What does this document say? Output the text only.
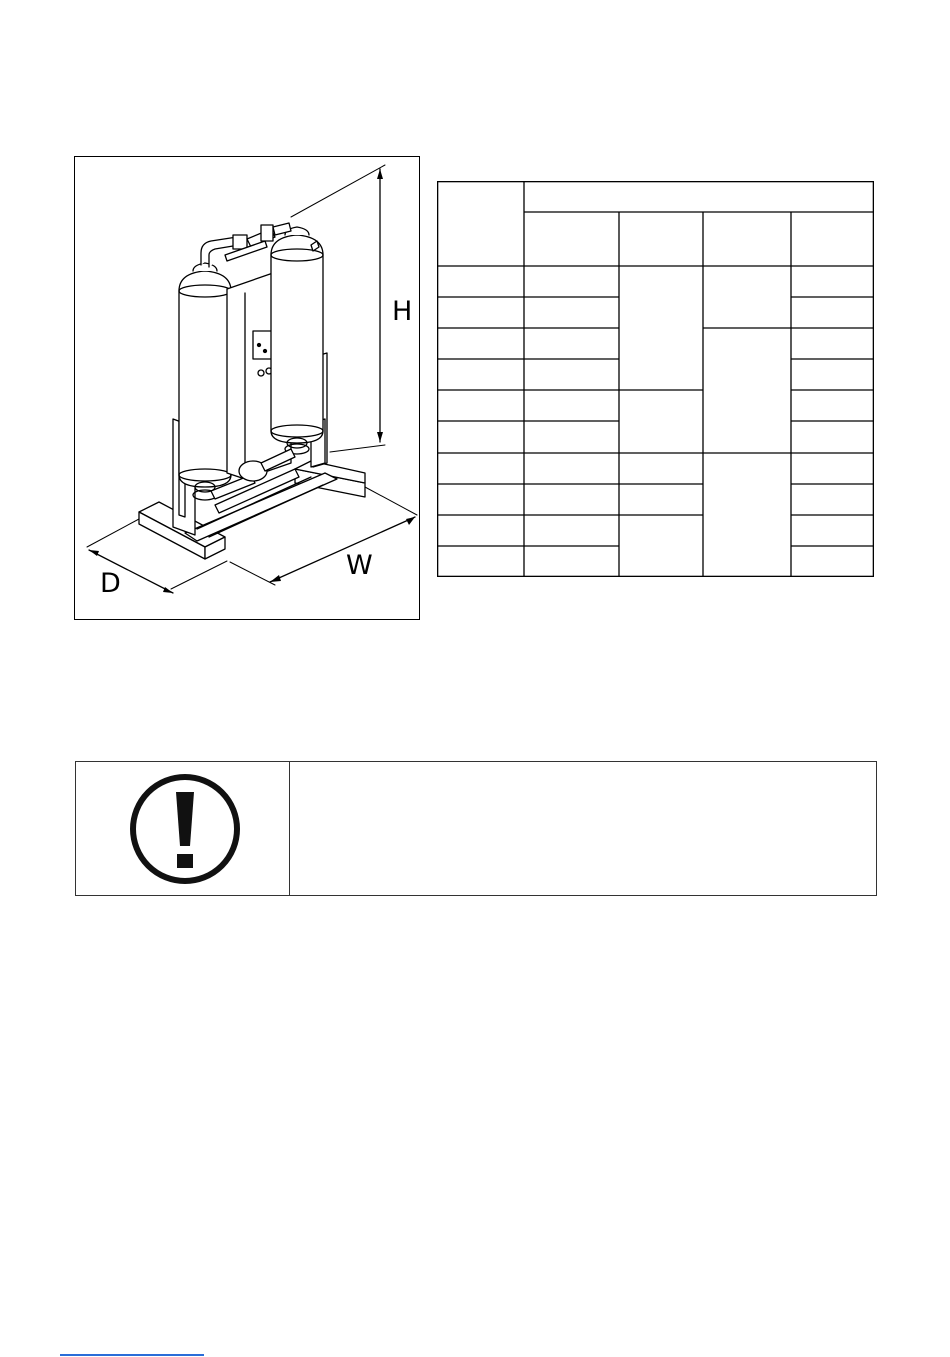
H
W
D
